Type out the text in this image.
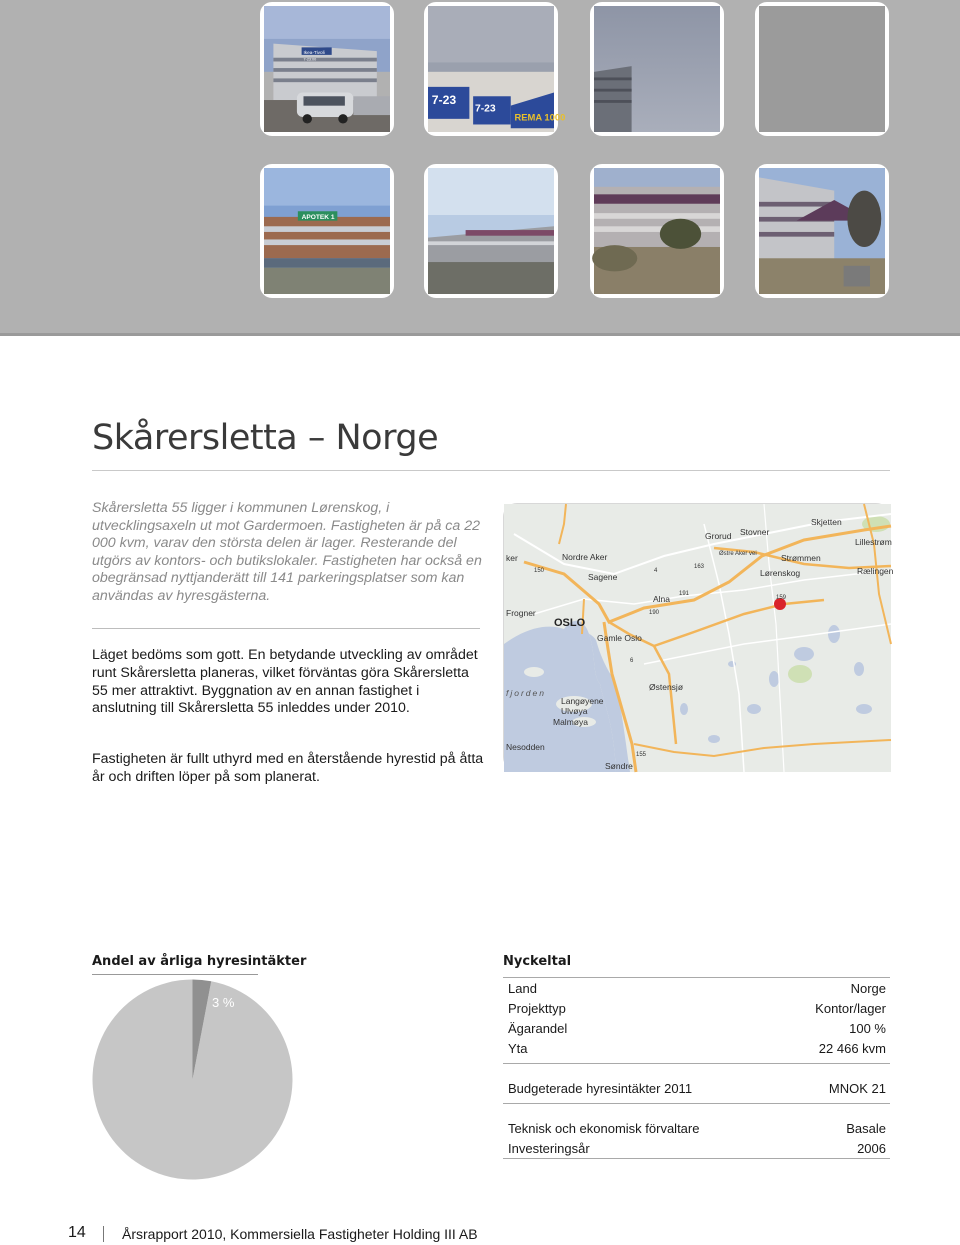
Ikea-Tivoli
7-23:00
7-23
7-23
REMA 1000
APOTEK 1
Skårersletta – Norge
Skårersletta 55 ligger i kommunen Lørenskog, i utvecklingsaxeln ut mot Gardermoen. Fastigheten är på ca 22 000 kvm, varav den största delen är lager. Resterande del utgörs av kontors- och butikslokaler. Fastigheten har också en obegränsad nyttjanderätt till 141 parkeringsplatser som kan användas av hyresgästerna.
Läget bedöms som gott. En betydande utveckling av området runt Skårersletta planeras, vilket förväntas göra Skårersletta 55 mer attraktivt. Byggnation av en annan fastighet i anslutning till Skårersletta 55 inleddes under 2010.
Fastigheten är fullt uthyrd med en återstående hyrestid på åtta år och driften löper på som planerat.
ker	Nordre Aker
Sagene
Grorud Stovner
Skjetten
Lillestrøm
Strømmen
Lørenskog	Rælingen
Alna
Frogner
OSLO
Gamle Oslo
Østensjø
fjorden
Langøyene
Ulvøya
Malmøya
Nesodden
Søndre
Østre Aker vei
150
163
191
190
4
6
155
159
Andel av årliga hyresintäkter
3 %
Nyckeltal
Land	Norge
Projekttyp	Kontor/lager
Ägarandel	100 %
Yta	22 466 kvm
Budgeterade hyresintäkter 2011	MNOK 21
Teknisk och ekonomisk förvaltare	Basale
Investeringsår	2006
14	Årsrapport 2010, Kommersiella Fastigheter Holding III AB
